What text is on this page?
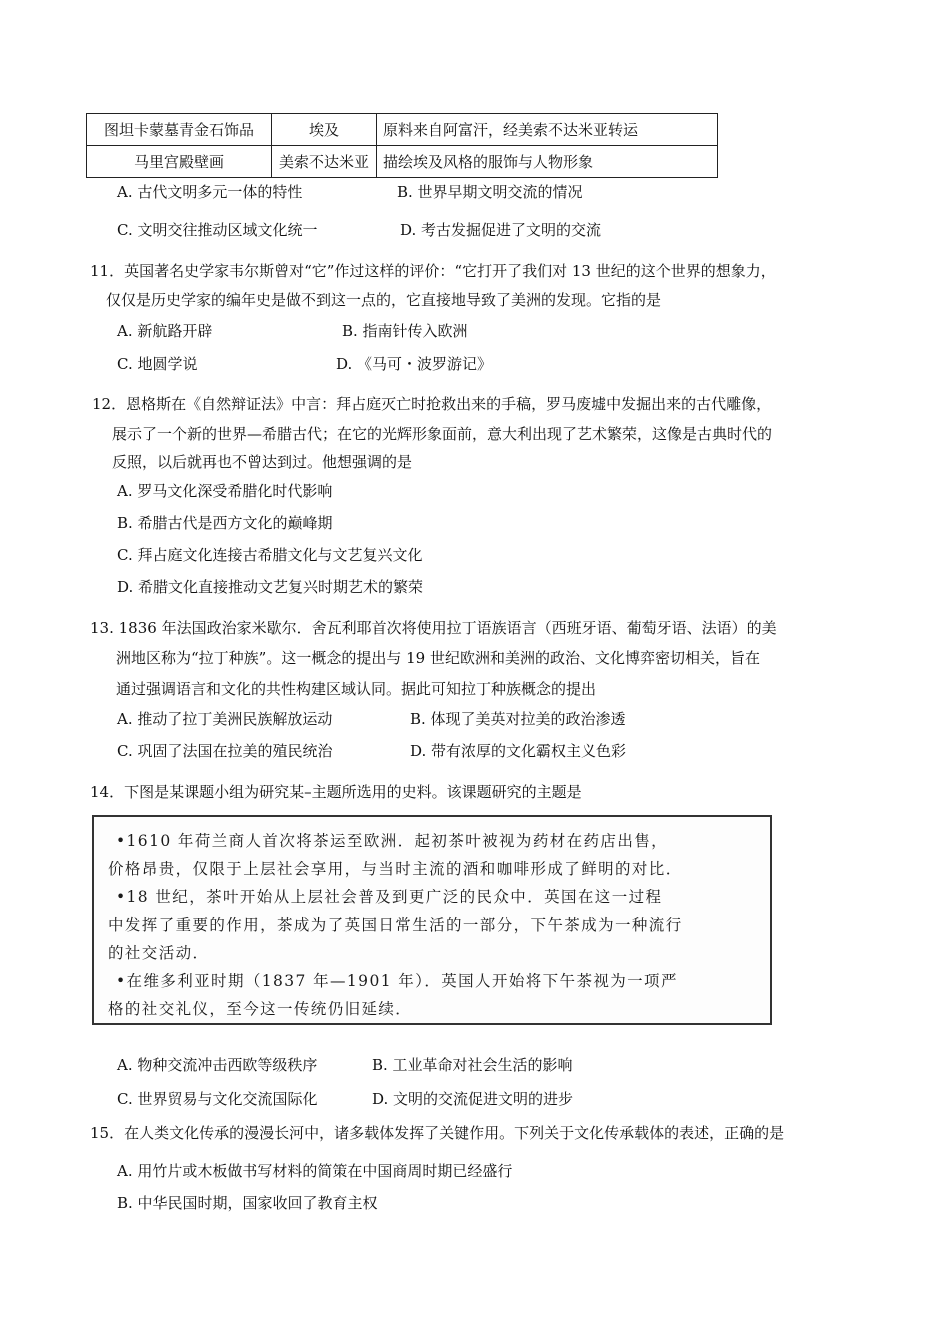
图坦卡蒙墓青金石饰品	埃及	原料来自阿富汗，经美索不达米亚转运
马里宫殿壁画	美索不达米亚	描绘埃及风格的服饰与人物形象
A. 古代文明多元一体的特性	B. 世界早期文明交流的情况
C. 文明交往推动区域文化统一	D. 考古发掘促进了文明的交流
11．英国著名史学家韦尔斯曾对“它”作过这样的评价：“它打开了我们对 13 世纪的这个世界的想象力，
仅仅是历史学家的编年史是做不到这一点的，它直接地导致了美洲的发现。它指的是
A. 新航路开辟	B. 指南针传入欧洲
C. 地圆学说	D. 《马可・波罗游记》
12．恩格斯在《自然辩证法》中言：拜占庭灭亡时抢救出来的手稿，罗马废墟中发掘出来的古代雕像，
展示了一个新的世界—希腊古代；在它的光辉形象面前，意大利出现了艺术繁荣，这像是古典时代的
反照，以后就再也不曾达到过。他想强调的是
A. 罗马文化深受希腊化时代影响
B. 希腊古代是西方文化的巅峰期
C. 拜占庭文化连接古希腊文化与文艺复兴文化
D. 希腊文化直接推动文艺复兴时期艺术的繁荣
13. 1836 年法国政治家米歇尔．舍瓦利耶首次将使用拉丁语族语言（西班牙语、葡萄牙语、法语）的美
洲地区称为“拉丁种族”。这一概念的提出与 19 世纪欧洲和美洲的政治、文化博弈密切相关，旨在
通过强调语言和文化的共性构建区域认同。据此可知拉丁种族概念的提出
A. 推动了拉丁美洲民族解放运动	B. 体现了美英对拉美的政治渗透
C. 巩固了法国在拉美的殖民统治	D. 带有浓厚的文化霸权主义色彩
14．下图是某课题小组为研究某–主题所选用的史料。该课题研究的主题是
•1610 年荷兰商人首次将茶运至欧洲．起初茶叶被视为药材在药店出售，
价格昂贵，仅限于上层社会享用，与当时主流的酒和咖啡形成了鲜明的对比．
•18 世纪，茶叶开始从上层社会普及到更广泛的民众中．英国在这一过程
中发挥了重要的作用，茶成为了英国日常生活的一部分，下午茶成为一种流行
的社交活动．
•在维多利亚时期（1837 年—1901 年）．英国人开始将下午茶视为一项严
格的社交礼仪，至今这一传统仍旧延续．
A. 物种交流冲击西欧等级秩序	B. 工业革命对社会生活的影响
C. 世界贸易与文化交流国际化	D. 文明的交流促进文明的进步
15．在人类文化传承的漫漫长河中，诸多载体发挥了关键作用。下列关于文化传承载体的表述，正确的是
A. 用竹片或木板做书写材料的简策在中国商周时期已经盛行
B. 中华民国时期，国家收回了教育主权
